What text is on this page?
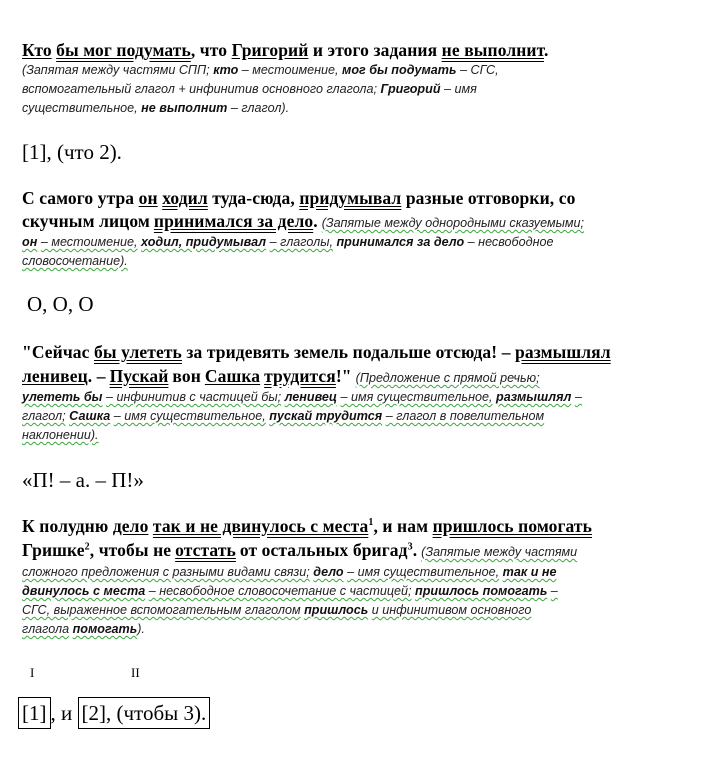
Кто бы мог подумать, что Григорий и этого задания не выполнит.
(Запятая между частями СПП; кто – местоимение, мог бы подумать – СГС,
вспомогательный глагол + инфинитив основного глагола; Григорий – имя
существительное, не выполнит – глагол).
[1], (что 2).
С самого утра он ходил туда-сюда, придумывал разные отговорки, со
скучным лицом принимался за дело. (Запятые между однородными сказуемыми;
он – местоимение, ходил, придумывал – глаголы, принимался за дело – несвободное
словосочетание).
О, О, О
"Сейчас бы улететь за тридевять земель подальше отсюда! – размышлял
ленивец. – Пускай вон Сашка трудится!" (Предложение с прямой речью;
улететь бы – инфинитив с частицей бы; ленивец – имя существительное, размышлял –
глагол; Сашка – имя существительное, пускай трудится – глагол в повелительном
наклонении).
«П! – а. – П!»
К полудню дело так и не двинулось с места$^1$, и нам пришлось помогать
Гришке$^2$, чтобы не отстать от остальных бригад$^3$. (Запятые между частями
сложного предложения с разными видами связи; дело – имя существительное, так и не
двинулось с места – несвободное словосочетание с частицей; пришлось помогать –
СГС, выраженное вспомогательным глаголом пришлось и инфинитивом основного
глагола помогать).
I	II
[1] , и [2], (чтобы 3).
